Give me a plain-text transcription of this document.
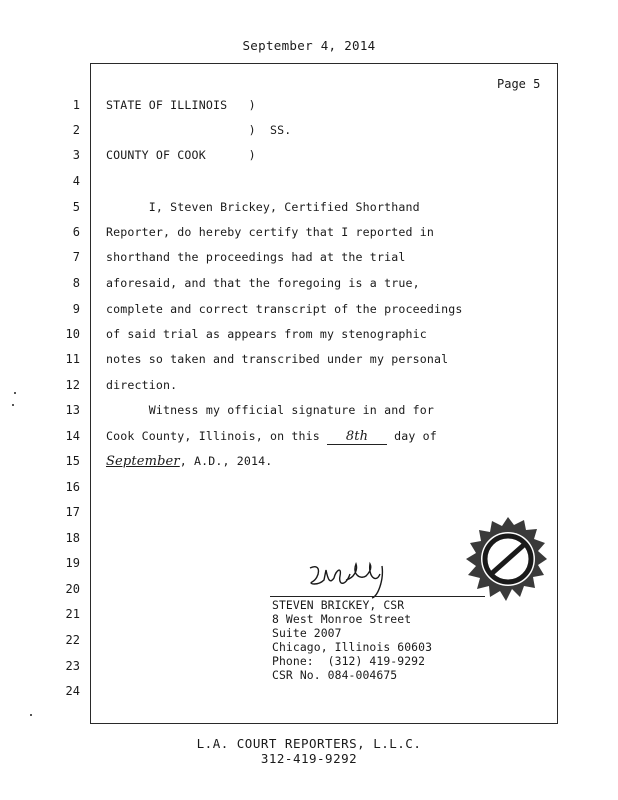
September 4, 2014
Page 5
1
2
3
4
5
6
7
8
9
10
11
12
13
14
15
16
17
18
19
20
21
22
23
24
STATE OF ILLINOIS   )
)  SS.
COUNTY OF COOK      )
I, Steven Brickey, Certified Shorthand
Reporter, do hereby certify that I reported in
shorthand the proceedings had at the trial
aforesaid, and that the foregoing is a true,
complete and correct transcript of the proceedings
of said trial as appears from my stenographic
notes so taken and transcribed under my personal
direction.
Witness my official signature in and for
Cook County, Illinois, on this 8th day of
September, A.D., 2014.
STEVEN BRICKEY, CSR
8 West Monroe Street
Suite 2007
Chicago, Illinois 60603
Phone:  (312) 419-9292
CSR No. 084-004675
L.A. COURT REPORTERS, L.L.C.
312-419-9292
